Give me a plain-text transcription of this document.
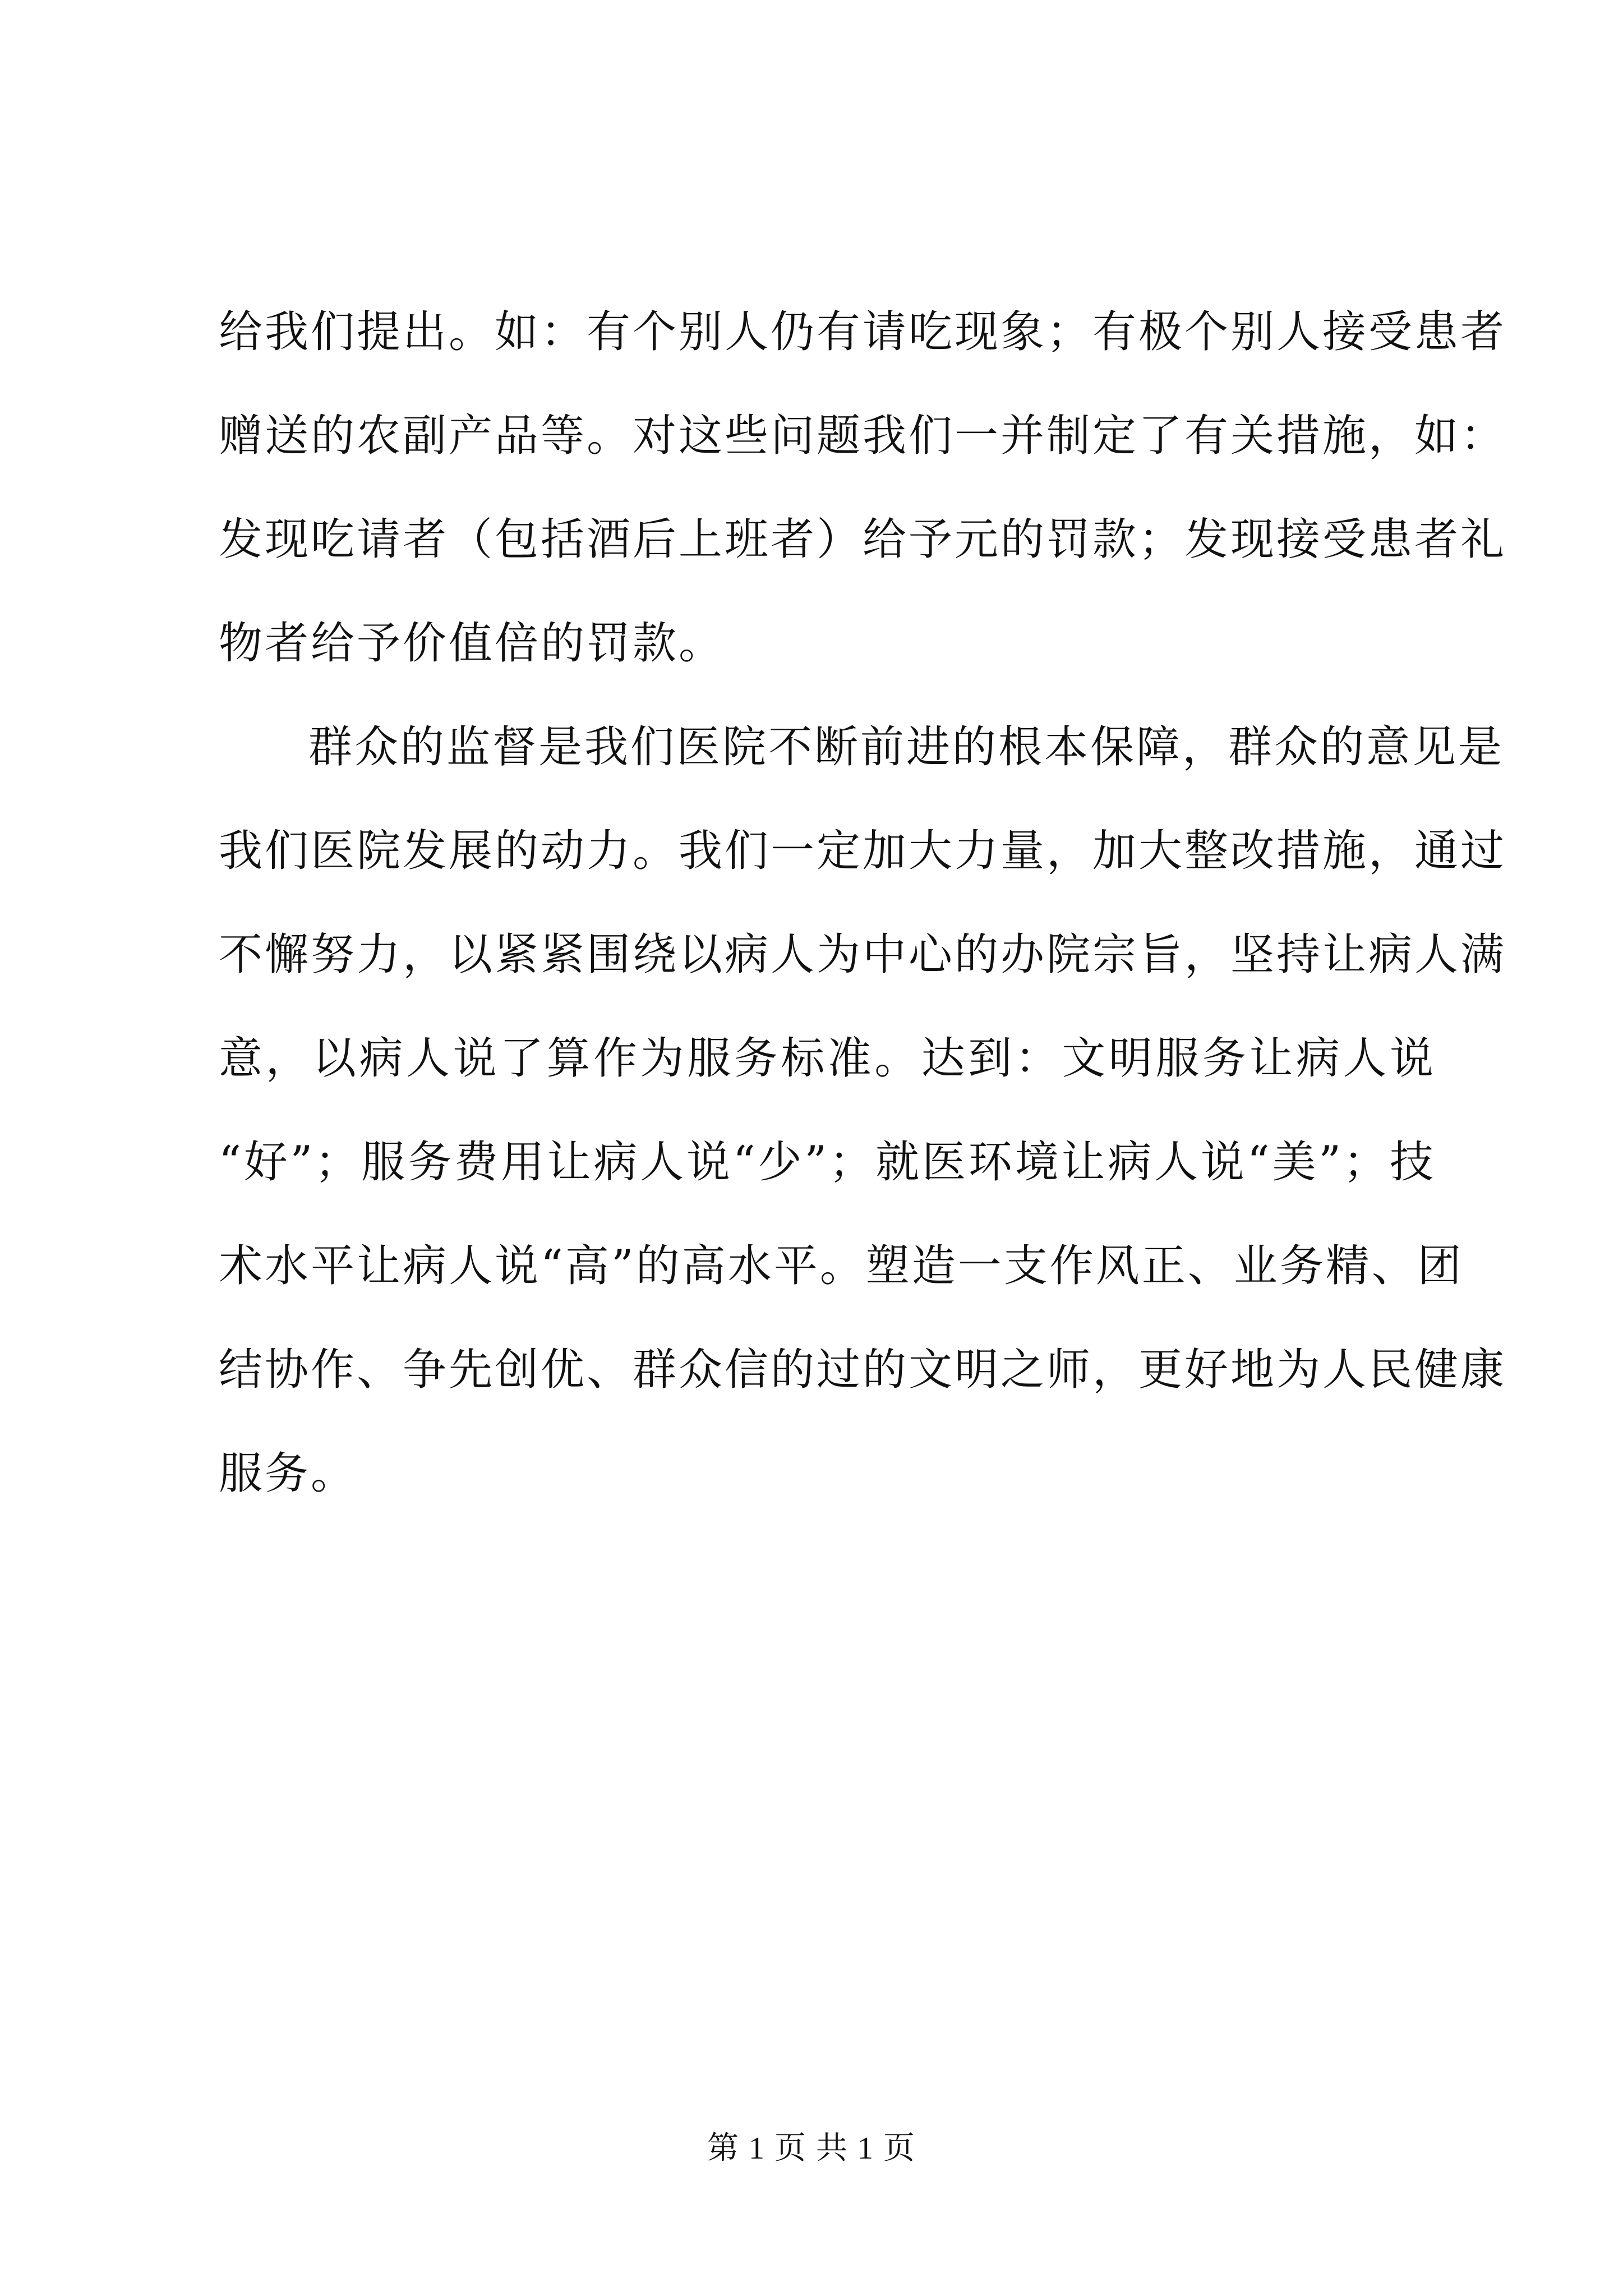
给我们提出。如：有个别人仍有请吃现象；有极个别人接受患者
赠送的农副产品等。对这些问题我们一并制定了有关措施，如：
发现吃请者（包括酒后上班者）给予元的罚款；发现接受患者礼
物者给予价值倍的罚款。
群众的监督是我们医院不断前进的根本保障，群众的意见是
我们医院发展的动力。我们一定加大力量，加大整改措施，通过
不懈努力，以紧紧围绕以病人为中心的办院宗旨，坚持让病人满
意，以病人说了算作为服务标准。达到：文明服务让病人说
“好”；服务费用让病人说“少”；就医环境让病人说“美”；技
术水平让病人说“高”的高水平。塑造一支作风正、业务精、团
结协作、争先创优、群众信的过的文明之师，更好地为人民健康
服务。
第 1 页 共 1 页
